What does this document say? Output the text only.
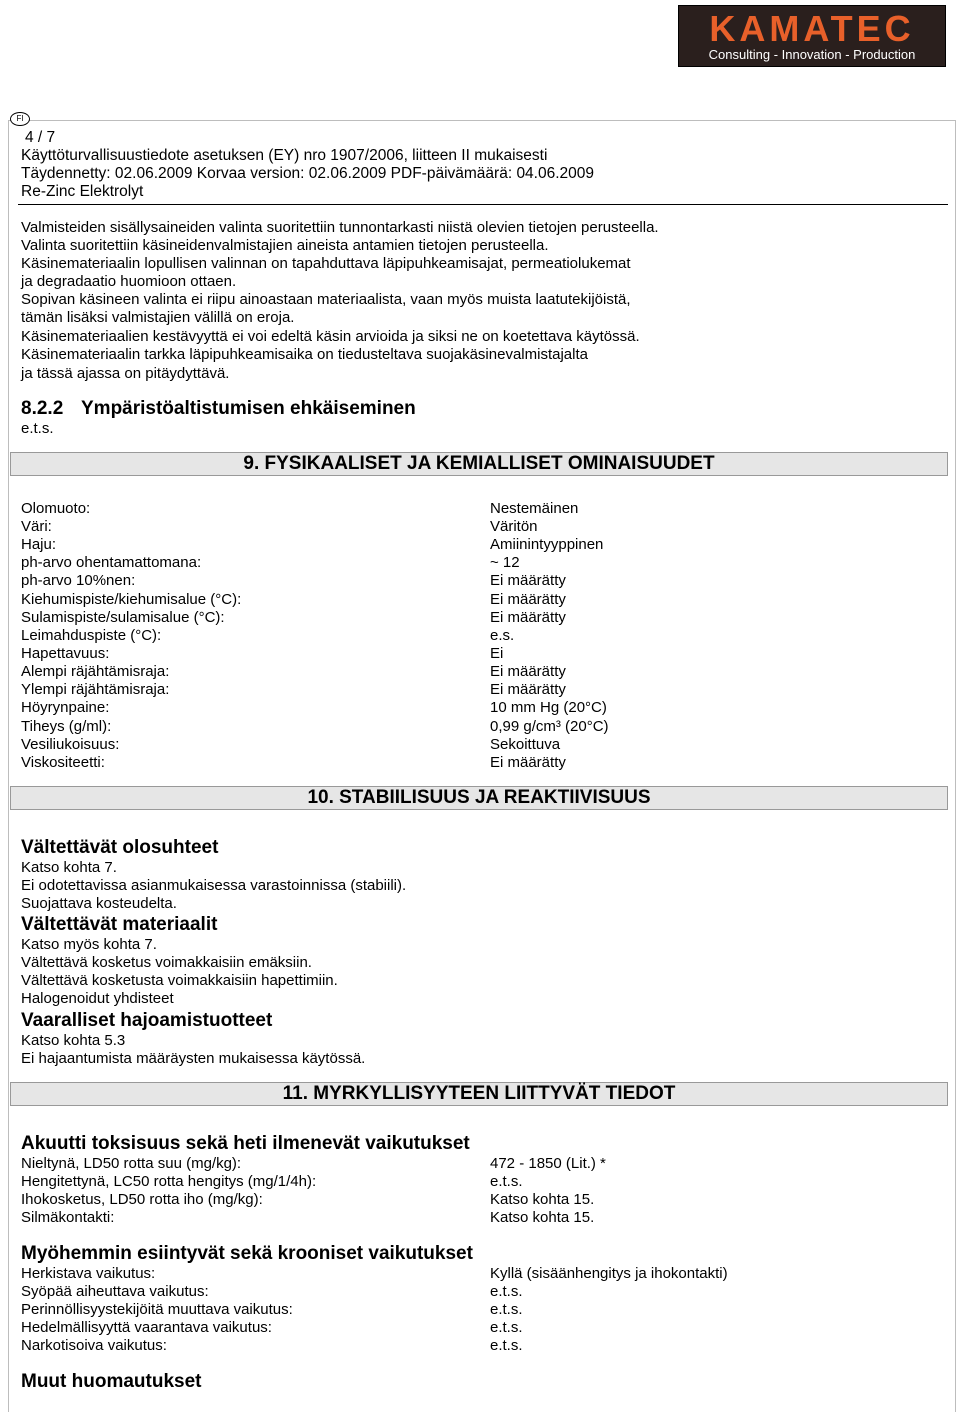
KAMATEC
Consulting - Innovation - Production
FI
4 / 7
Käyttöturvallisuustiedote asetuksen (EY) nro 1907/2006, liitteen II mukaisesti
Täydennetty: 02.06.2009 Korvaa version: 02.06.2009 PDF-päivämäärä: 04.06.2009
Re-Zinc Elektrolyt
Valmisteiden sisällysaineiden valinta suoritettiin tunnontarkasti niistä olevien tietojen perusteella.
Valinta suoritettiin käsineidenvalmistajien aineista antamien tietojen perusteella.
Käsinemateriaalin lopullisen valinnan on tapahduttava läpipuhkeamisajat, permeatiolukemat
ja degradaatio huomioon ottaen.
Sopivan käsineen valinta ei riipu ainoastaan materiaalista, vaan myös muista laatutekijöistä,
tämän lisäksi valmistajien välillä on eroja.
Käsinemateriaalien kestävyyttä ei voi edeltä käsin arvioida ja siksi ne on koetettava käytössä.
Käsinemateriaalin tarkka läpipuhkeamisaika on tiedusteltava suojakäsinevalmistajalta
ja tässä ajassa on pitäydyttävä.
8.2.2 Ympäristöaltistumisen ehkäiseminen
e.t.s.
9. FYSIKAALISET JA KEMIALLISET OMINAISUUDET
Olomuoto:	Nestemäinen
Väri:	Väritön
Haju:	Amiinintyyppinen
ph-arvo ohentamattomana:	~ 12
ph-arvo 10%nen:	Ei määrätty
Kiehumispiste/kiehumisalue (°C):	Ei määrätty
Sulamispiste/sulamisalue (°C):	Ei määrätty
Leimahduspiste (°C):	e.s.
Hapettavuus:	Ei
Alempi räjähtämisraja:	Ei määrätty
Ylempi räjähtämisraja:	Ei määrätty
Höyrynpaine:	10 mm Hg (20°C)
Tiheys (g/ml):	0,99 g/cm³ (20°C)
Vesiliukoisuus:	Sekoittuva
Viskositeetti:	Ei määrätty
10. STABIILISUUS JA REAKTIIVISUUS
Vältettävät olosuhteet
Katso kohta 7.
Ei odotettavissa asianmukaisessa varastoinnissa (stabiili).
Suojattava kosteudelta.
Vältettävät materiaalit
Katso myös kohta 7.
Vältettävä kosketus voimakkaisiin emäksiin.
Vältettävä kosketusta voimakkaisiin hapettimiin.
Halogenoidut yhdisteet
Vaaralliset hajoamistuotteet
Katso kohta 5.3
Ei hajaantumista määräysten mukaisessa käytössä.
11. MYRKYLLISYYTEEN LIITTYVÄT TIEDOT
Akuutti toksisuus sekä heti ilmenevät vaikutukset
Nieltynä, LD50 rotta suu (mg/kg):	472 - 1850 (Lit.) *
Hengitettynä, LC50 rotta hengitys (mg/1/4h):	e.t.s.
Ihokosketus, LD50 rotta iho (mg/kg):	Katso kohta 15.
Silmäkontakti:	Katso kohta 15.
Myöhemmin esiintyvät sekä krooniset vaikutukset
Herkistava vaikutus:	Kyllä (sisäänhengitys ja ihokontakti)
Syöpää aiheuttava vaikutus:	e.t.s.
Perinnöllisyystekijöitä muuttava vaikutus:	e.t.s.
Hedelmällisyyttä vaarantava vaikutus:	e.t.s.
Narkotisoiva vaikutus:	e.t.s.
Muut huomautukset
